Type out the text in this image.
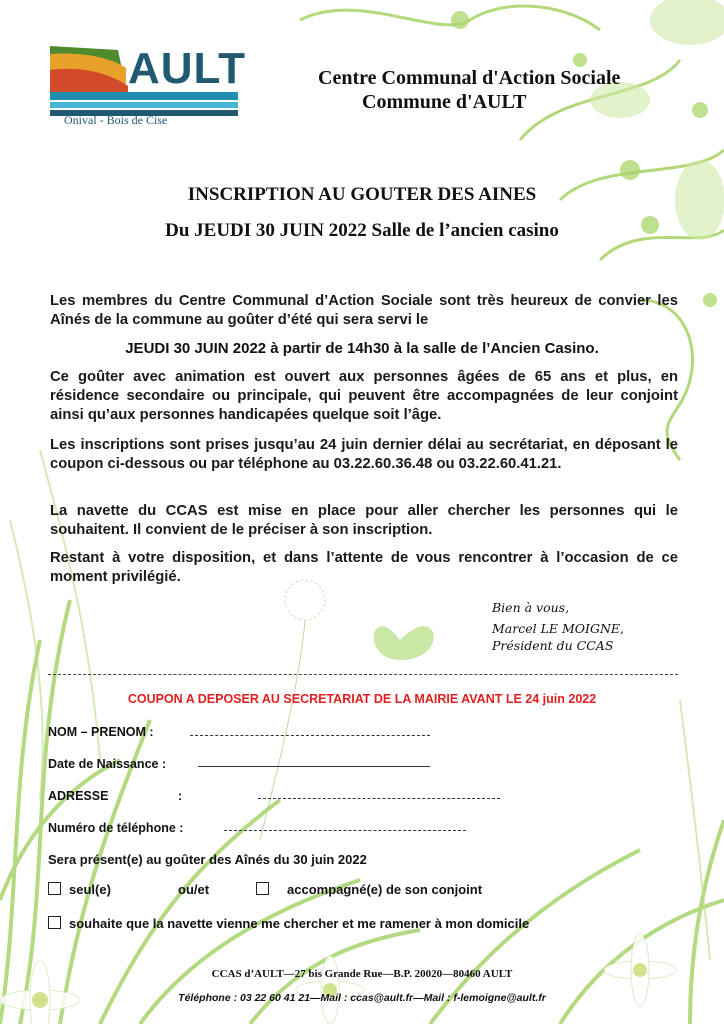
AULT
Onival - Bois de Cise
Centre Communal d'Action Sociale
Commune d'AULT
INSCRIPTION AU GOUTER DES AINES
Du JEUDI 30 JUIN 2022 Salle de l’ancien casino
Les membres du Centre Communal d’Action Sociale sont très heureux de convier les Aînés de la commune au goûter d’été qui sera servi le
JEUDI 30 JUIN 2022 à partir de 14h30 à la salle de l’Ancien Casino.
Ce goûter avec animation est ouvert aux personnes âgées de 65 ans et plus, en résidence secondaire ou principale, qui peuvent être accompagnées de leur conjoint ainsi qu’aux personnes handicapées quelque soit l’âge.
Les inscriptions sont prises jusqu’au 24 juin dernier délai au secrétariat, en déposant le coupon ci-dessous ou par téléphone au 03.22.60.36.48 ou 03.22.60.41.21.
La navette du CCAS est mise en place pour aller chercher les personnes qui le souhaitent. Il convient de le préciser à son inscription.
Restant à votre disposition, et dans l’attente de vous rencontrer à l’occasion de ce moment privilégié.
Bien à vous,
Marcel LE MOIGNE,
Président du CCAS
COUPON A DEPOSER AU SECRETARIAT DE LA MAIRIE AVANT LE 24 juin 2022
NOM – PRENOM :
Date de Naissance :
ADRESSE	:
Numéro de téléphone :
Sera présent(e) au goûter des Aînés du 30 juin 2022
seul(e)	ou/et	accompagné(e) de son conjoint
souhaite que la navette vienne me chercher et me ramener à mon domicile
CCAS d’AULT—27 bis Grande Rue—B.P. 20020—80460 AULT
Téléphone : 03 22 60 41 21—Mail : ccas@ault.fr—Mail : f-lemoigne@ault.fr
